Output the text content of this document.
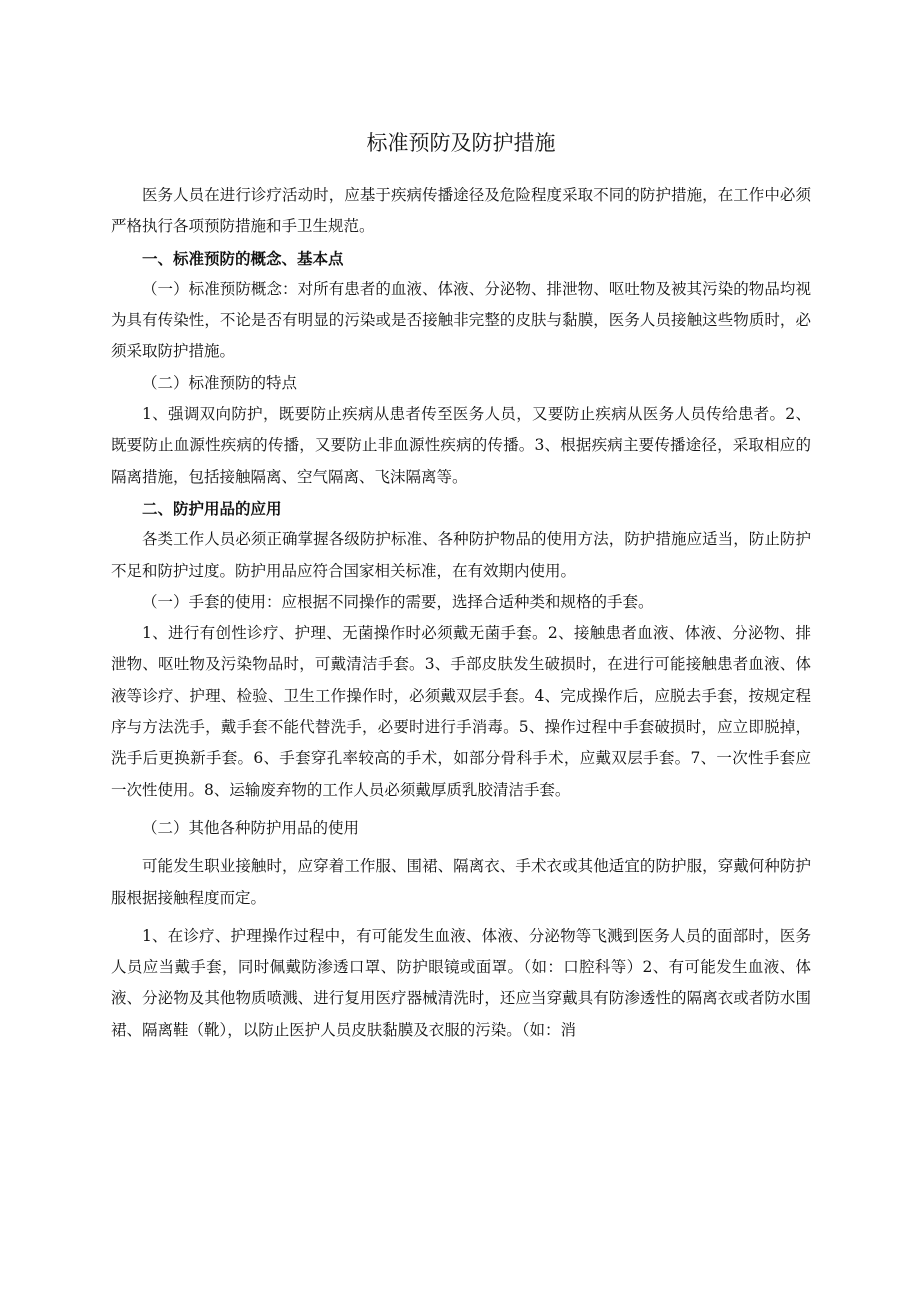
标准预防及防护措施

医务人员在进行诊疗活动时，应基于疾病传播途径及危险程度采取不同的防护措施，在工作中必须严格执行各项预防措施和手卫生规范。

一、标准预防的概念、基本点

（一）标准预防概念：对所有患者的血液、体液、分泌物、排泄物、呕吐物及被其污染的物品均视为具有传染性，不论是否有明显的污染或是否接触非完整的皮肤与黏膜，医务人员接触这些物质时，必须采取防护措施。

（二）标准预防的特点

1、强调双向防护，既要防止疾病从患者传至医务人员，又要防止疾病从医务人员传给患者。2、既要防止血源性疾病的传播，又要防止非血源性疾病的传播。3、根据疾病主要传播途径，采取相应的隔离措施，包括接触隔离、空气隔离、飞沫隔离等。

二、防护用品的应用

各类工作人员必须正确掌握各级防护标准、各种防护物品的使用方法，防护措施应适当，防止防护不足和防护过度。防护用品应符合国家相关标准，在有效期内使用。

（一）手套的使用：应根据不同操作的需要，选择合适种类和规格的手套。

1、进行有创性诊疗、护理、无菌操作时必须戴无菌手套。2、接触患者血液、体液、分泌物、排泄物、呕吐物及污染物品时，可戴清洁手套。3、手部皮肤发生破损时，在进行可能接触患者血液、体液等诊疗、护理、检验、卫生工作操作时，必须戴双层手套。4、完成操作后，应脱去手套，按规定程序与方法洗手，戴手套不能代替洗手，必要时进行手消毒。5、操作过程中手套破损时，应立即脱掉，洗手后更换新手套。6、手套穿孔率较高的手术，如部分骨科手术，应戴双层手套。7、一次性手套应一次性使用。8、运输废弃物的工作人员必须戴厚质乳胶清洁手套。

（二）其他各种防护用品的使用

可能发生职业接触时，应穿着工作服、围裙、隔离衣、手术衣或其他适宜的防护服，穿戴何种防护服根据接触程度而定。

1、在诊疗、护理操作过程中，有可能发生血液、体液、分泌物等飞溅到医务人员的面部时，医务人员应当戴手套，同时佩戴防渗透口罩、防护眼镜或面罩。（如：口腔科等）2、有可能发生血液、体液、分泌物及其他物质喷溅、进行复用医疗器械清洗时，还应当穿戴具有防渗透性的隔离衣或者防水围裙、隔离鞋（靴），以防止医护人员皮肤黏膜及衣服的污染。（如：消
